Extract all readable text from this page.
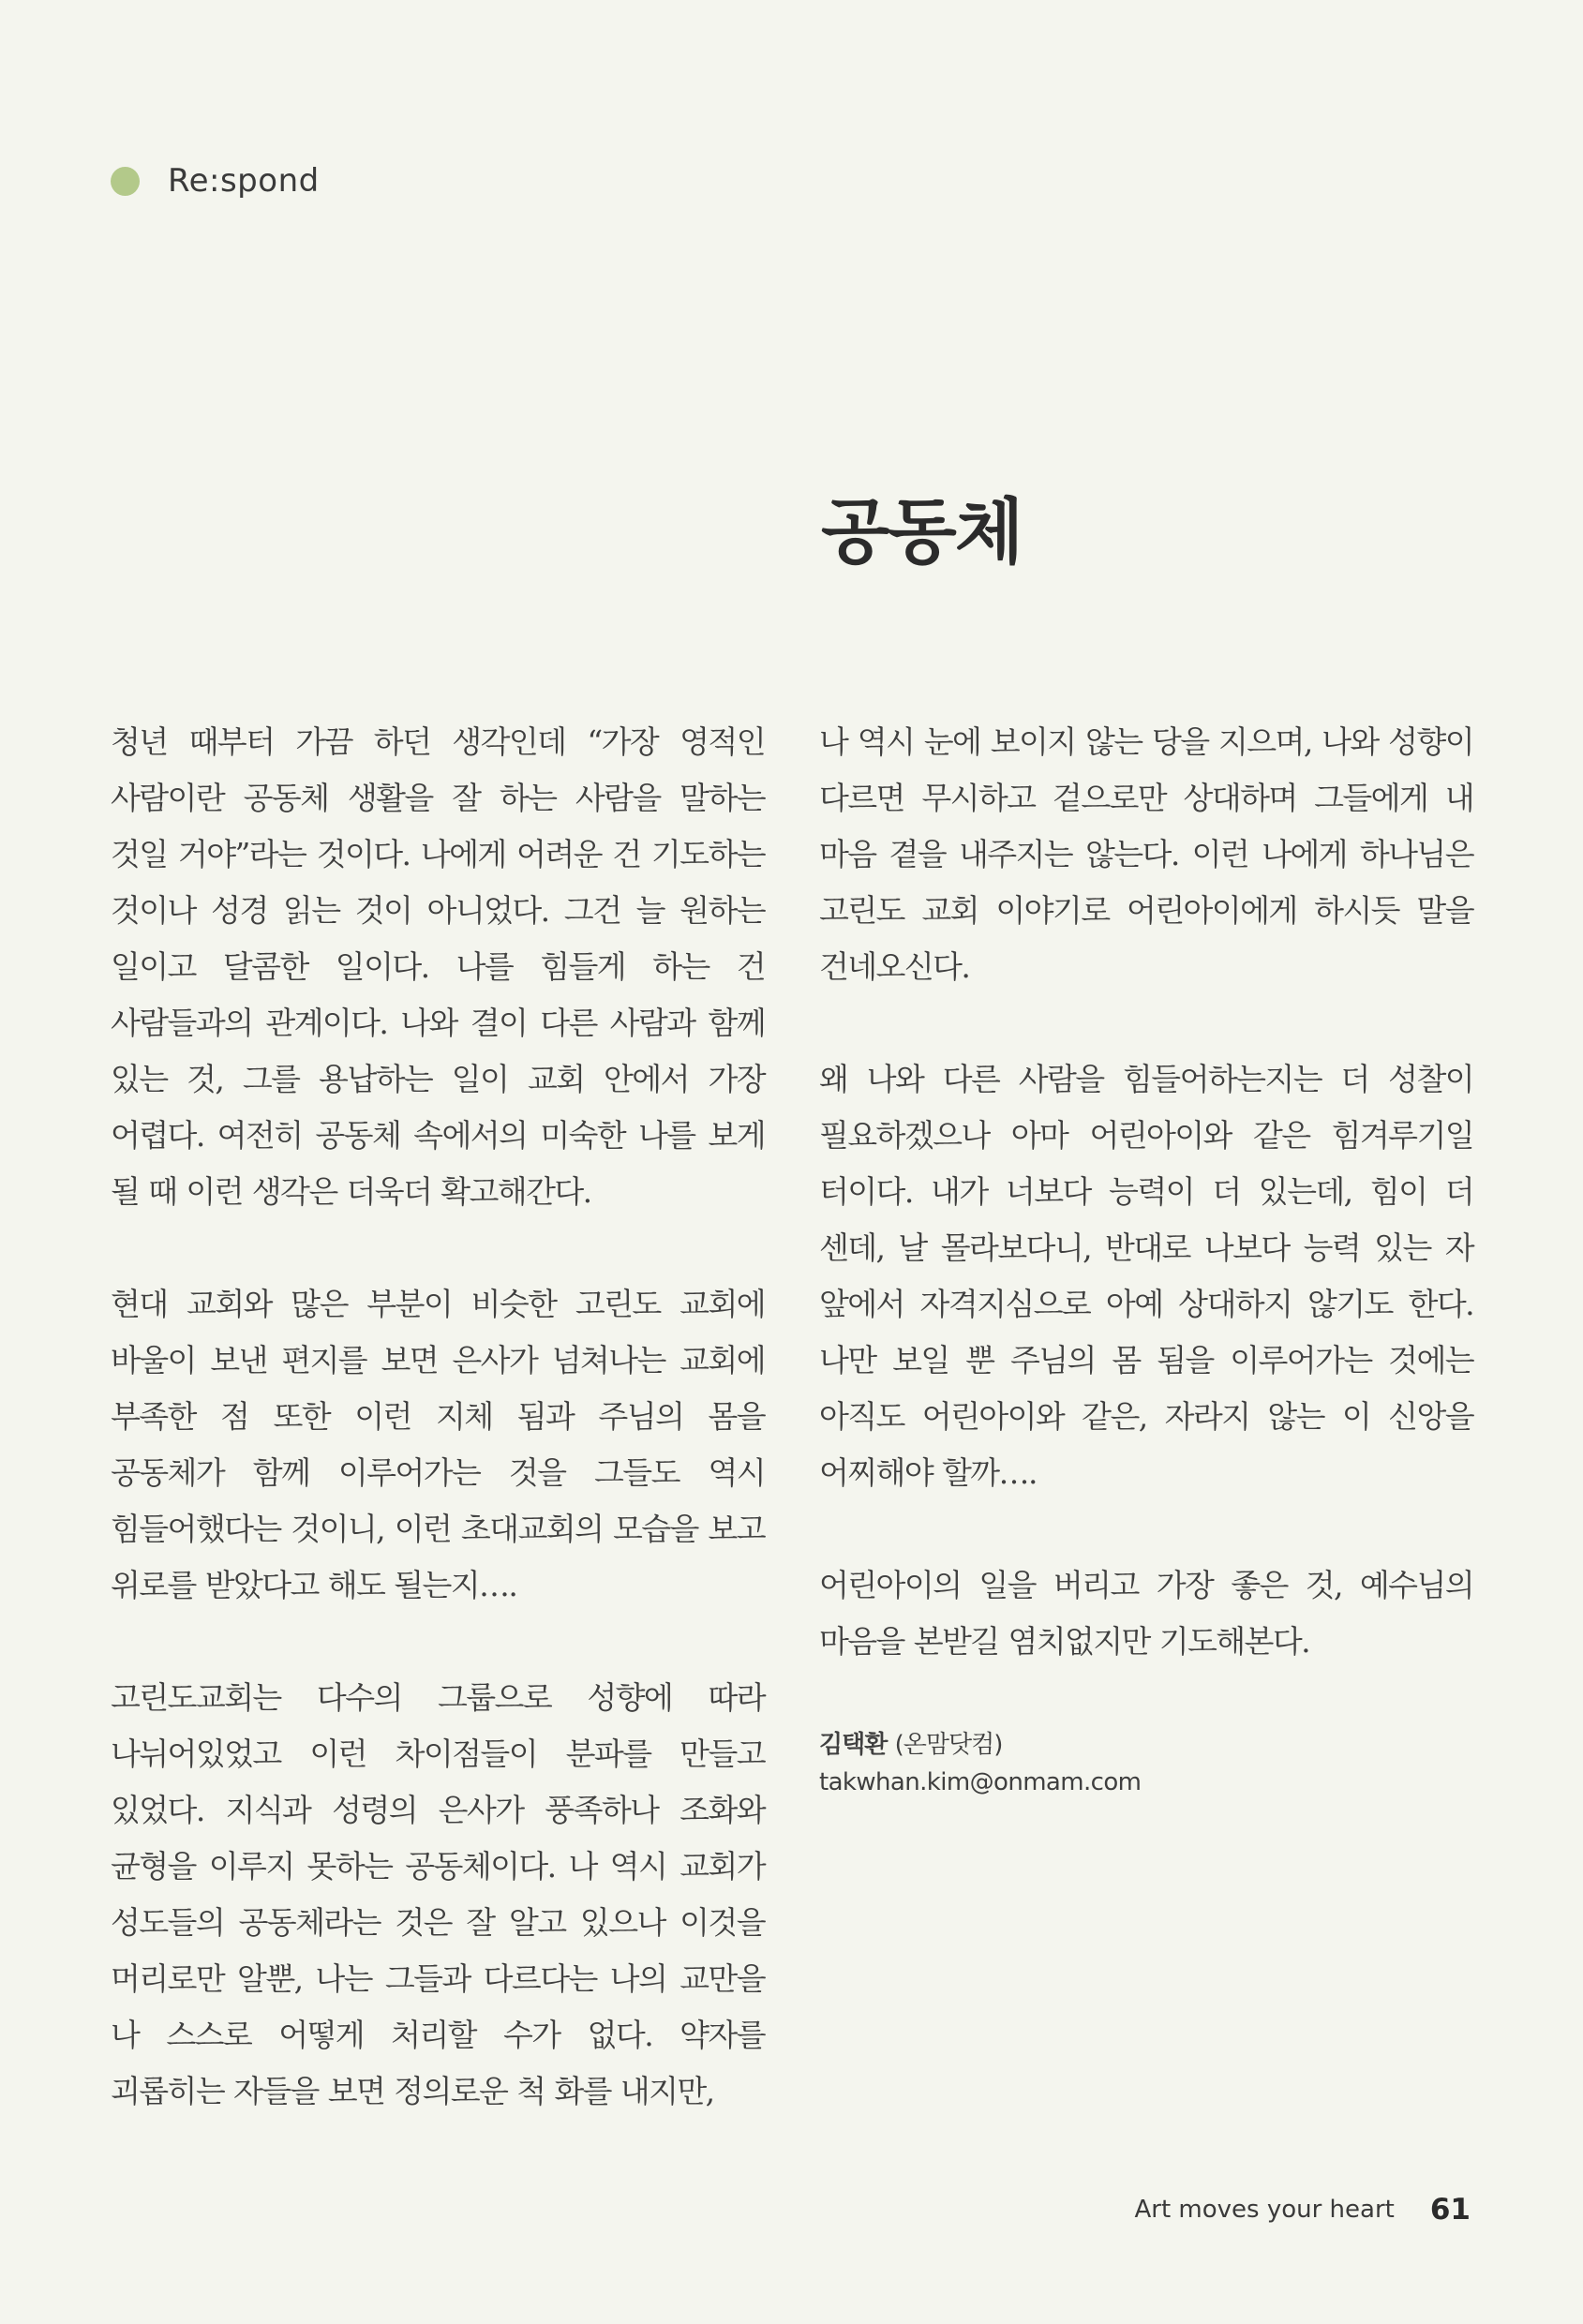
Re:spond
공동체

청년 때부터 가끔 하던 생각인데 “가장 영적인 사람이란 공동체 생활을 잘 하는 사람을 말하는 것일 거야”라는 것이다. 나에게 어려운 건 기도하는 것이나 성경 읽는 것이 아니었다. 그건 늘 원하는 일이고 달콤한 일이다. 나를 힘들게 하는 건 사람들과의 관계이다. 나와 결이 다른 사람과 함께 있는 것, 그를 용납하는 일이 교회 안에서 가장 어렵다. 여전히 공동체 속에서의 미숙한 나를 보게 될 때 이런 생각은 더욱더 확고해간다.

현대 교회와 많은 부분이 비슷한 고린도 교회에 바울이 보낸 편지를 보면 은사가 넘쳐나는 교회에 부족한 점 또한 이런 지체 됨과 주님의 몸을 공동체가 함께 이루어가는 것을 그들도 역시 힘들어했다는 것이니, 이런 초대교회의 모습을 보고 위로를 받았다고 해도 될는지….

고린도교회는 다수의 그룹으로 성향에 따라 나뉘어있었고 이런 차이점들이 분파를 만들고 있었다. 지식과 성령의 은사가 풍족하나 조화와 균형을 이루지 못하는 공동체이다. 나 역시 교회가 성도들의 공동체라는 것은 잘 알고 있으나 이것을 머리로만 알뿐, 나는 그들과 다르다는 나의 교만을 나 스스로 어떻게 처리할 수가 없다. 약자를 괴롭히는 자들을 보면 정의로운 척 화를 내지만,

나 역시 눈에 보이지 않는 당을 지으며, 나와 성향이 다르면 무시하고 겉으로만 상대하며 그들에게 내 마음 곁을 내주지는 않는다. 이런 나에게 하나님은 고린도 교회 이야기로 어린아이에게 하시듯 말을 건네오신다.

왜 나와 다른 사람을 힘들어하는지는 더 성찰이 필요하겠으나 아마 어린아이와 같은 힘겨루기일 터이다. 내가 너보다 능력이 더 있는데, 힘이 더 센데, 날 몰라보다니, 반대로 나보다 능력 있는 자 앞에서 자격지심으로 아예 상대하지 않기도 한다. 나만 보일 뿐 주님의 몸 됨을 이루어가는 것에는 아직도 어린아이와 같은, 자라지 않는 이 신앙을 어찌해야 할까….

어린아이의 일을 버리고 가장 좋은 것, 예수님의 마음을 본받길 염치없지만 기도해본다.

김택환 (온맘닷컴)
takwhan.kim@onmam.com
Art moves your heart 61
